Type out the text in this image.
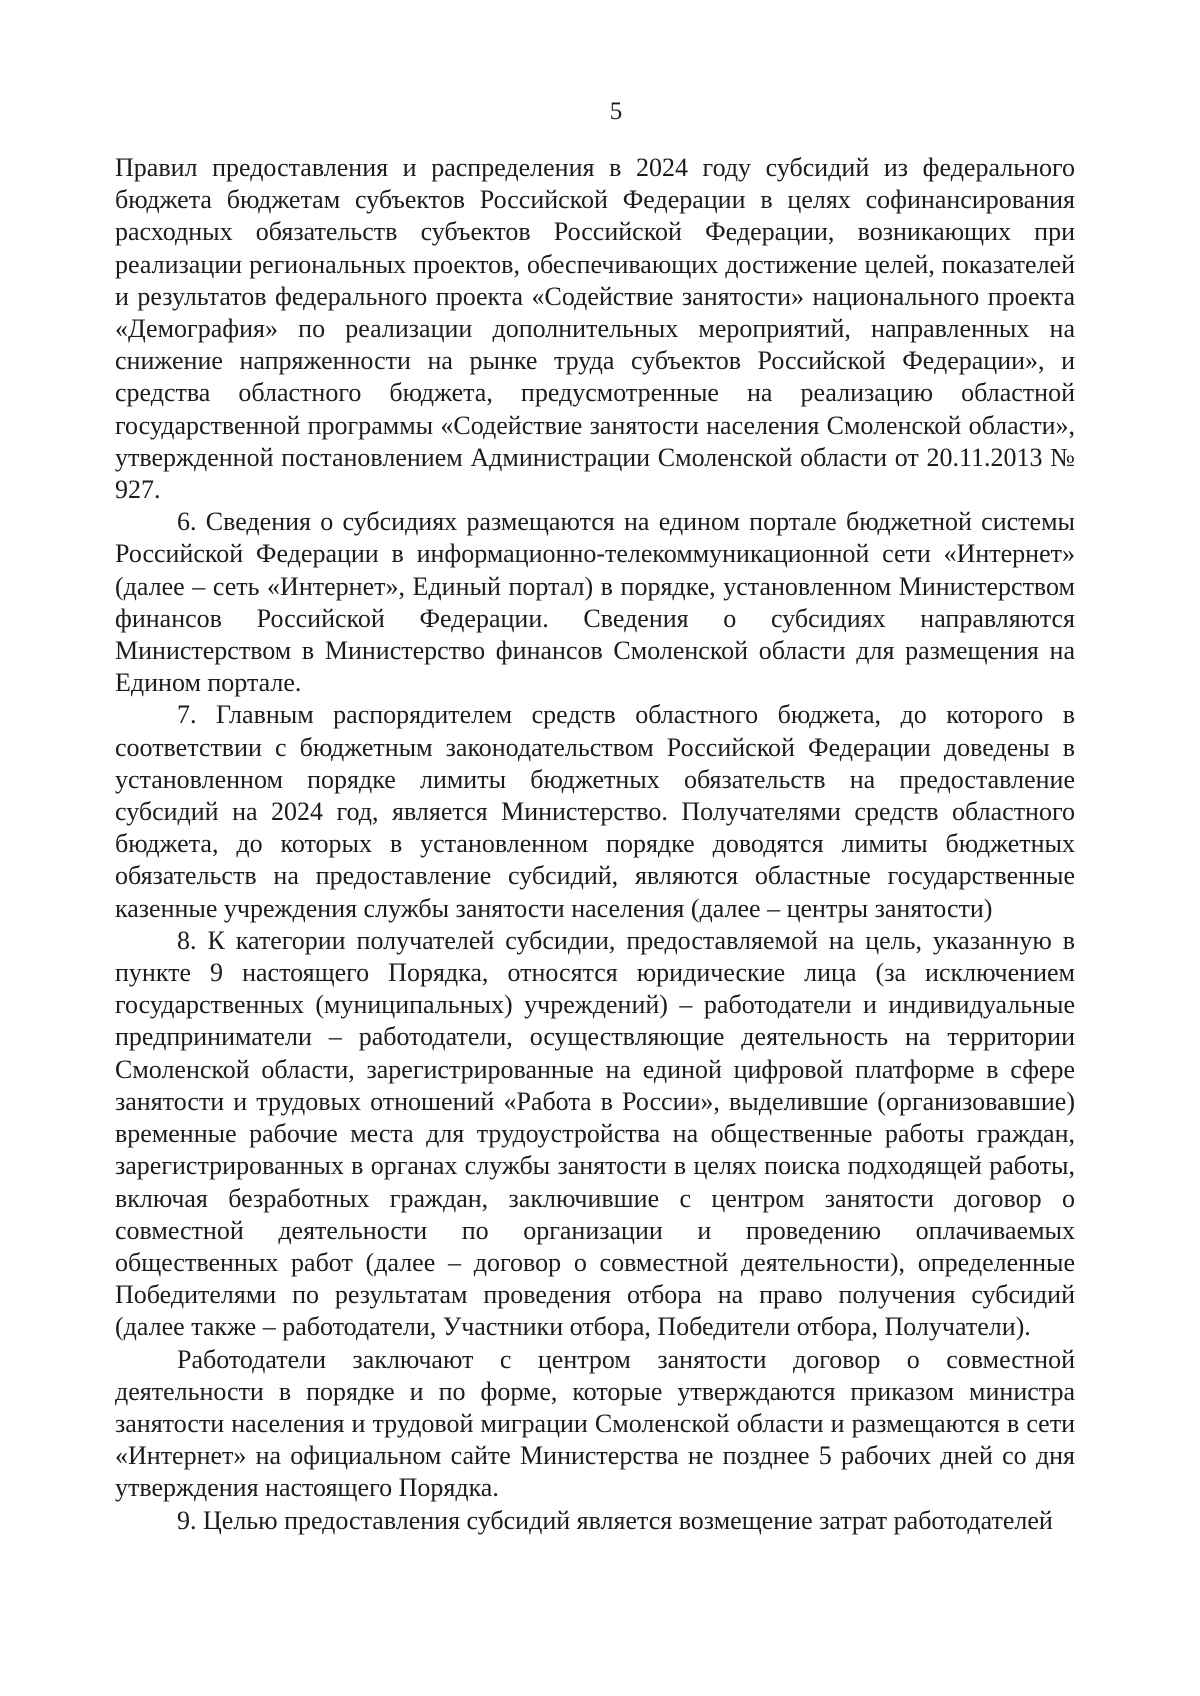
5

Правил предоставления и распределения в 2024 году субсидий из федерального бюджета бюджетам субъектов Российской Федерации в целях софинансирования расходных обязательств субъектов Российской Федерации, возникающих при реализации региональных проектов, обеспечивающих достижение целей, показателей и результатов федерального проекта «Содействие занятости» национального проекта «Демография» по реализации дополнительных мероприятий, направленных на снижение напряженности на рынке труда субъектов Российской Федерации», и средства областного бюджета, предусмотренные на реализацию областной государственной программы «Содействие занятости населения Смоленской области», утвержденной постановлением Администрации Смоленской области от 20.11.2013 № 927.

6. Сведения о субсидиях размещаются на едином портале бюджетной системы Российской Федерации в информационно-телекоммуникационной сети «Интернет» (далее – сеть «Интернет», Единый портал) в порядке, установленном Министерством финансов Российской Федерации. Сведения о субсидиях направляются Министерством в Министерство финансов Смоленской области для размещения на Едином портале.

7. Главным распорядителем средств областного бюджета, до которого в соответствии с бюджетным законодательством Российской Федерации доведены в установленном порядке лимиты бюджетных обязательств на предоставление субсидий на 2024 год, является Министерство. Получателями средств областного бюджета, до которых в установленном порядке доводятся лимиты бюджетных обязательств на предоставление субсидий, являются областные государственные казенные учреждения службы занятости населения (далее – центры занятости)

8. К категории получателей субсидии, предоставляемой на цель, указанную в пункте 9 настоящего Порядка, относятся юридические лица (за исключением государственных (муниципальных) учреждений) – работодатели и индивидуальные предприниматели – работодатели, осуществляющие деятельность на территории Смоленской области, зарегистрированные на единой цифровой платформе в сфере занятости и трудовых отношений «Работа в России», выделившие (организовавшие) временные рабочие места для трудоустройства на общественные работы граждан, зарегистрированных в органах службы занятости в целях поиска подходящей работы, включая безработных граждан, заключившие с центром занятости договор о совместной деятельности по организации и проведению оплачиваемых общественных работ (далее – договор о совместной деятельности), определенные Победителями по результатам проведения отбора на право получения субсидий (далее также – работодатели, Участники отбора, Победители отбора, Получатели).

Работодатели заключают с центром занятости договор о совместной деятельности в порядке и по форме, которые утверждаются приказом министра занятости населения и трудовой миграции Смоленской области и размещаются в сети «Интернет» на официальном сайте Министерства не позднее 5 рабочих дней со дня утверждения настоящего Порядка.

9. Целью предоставления субсидий является возмещение затрат работодателей
